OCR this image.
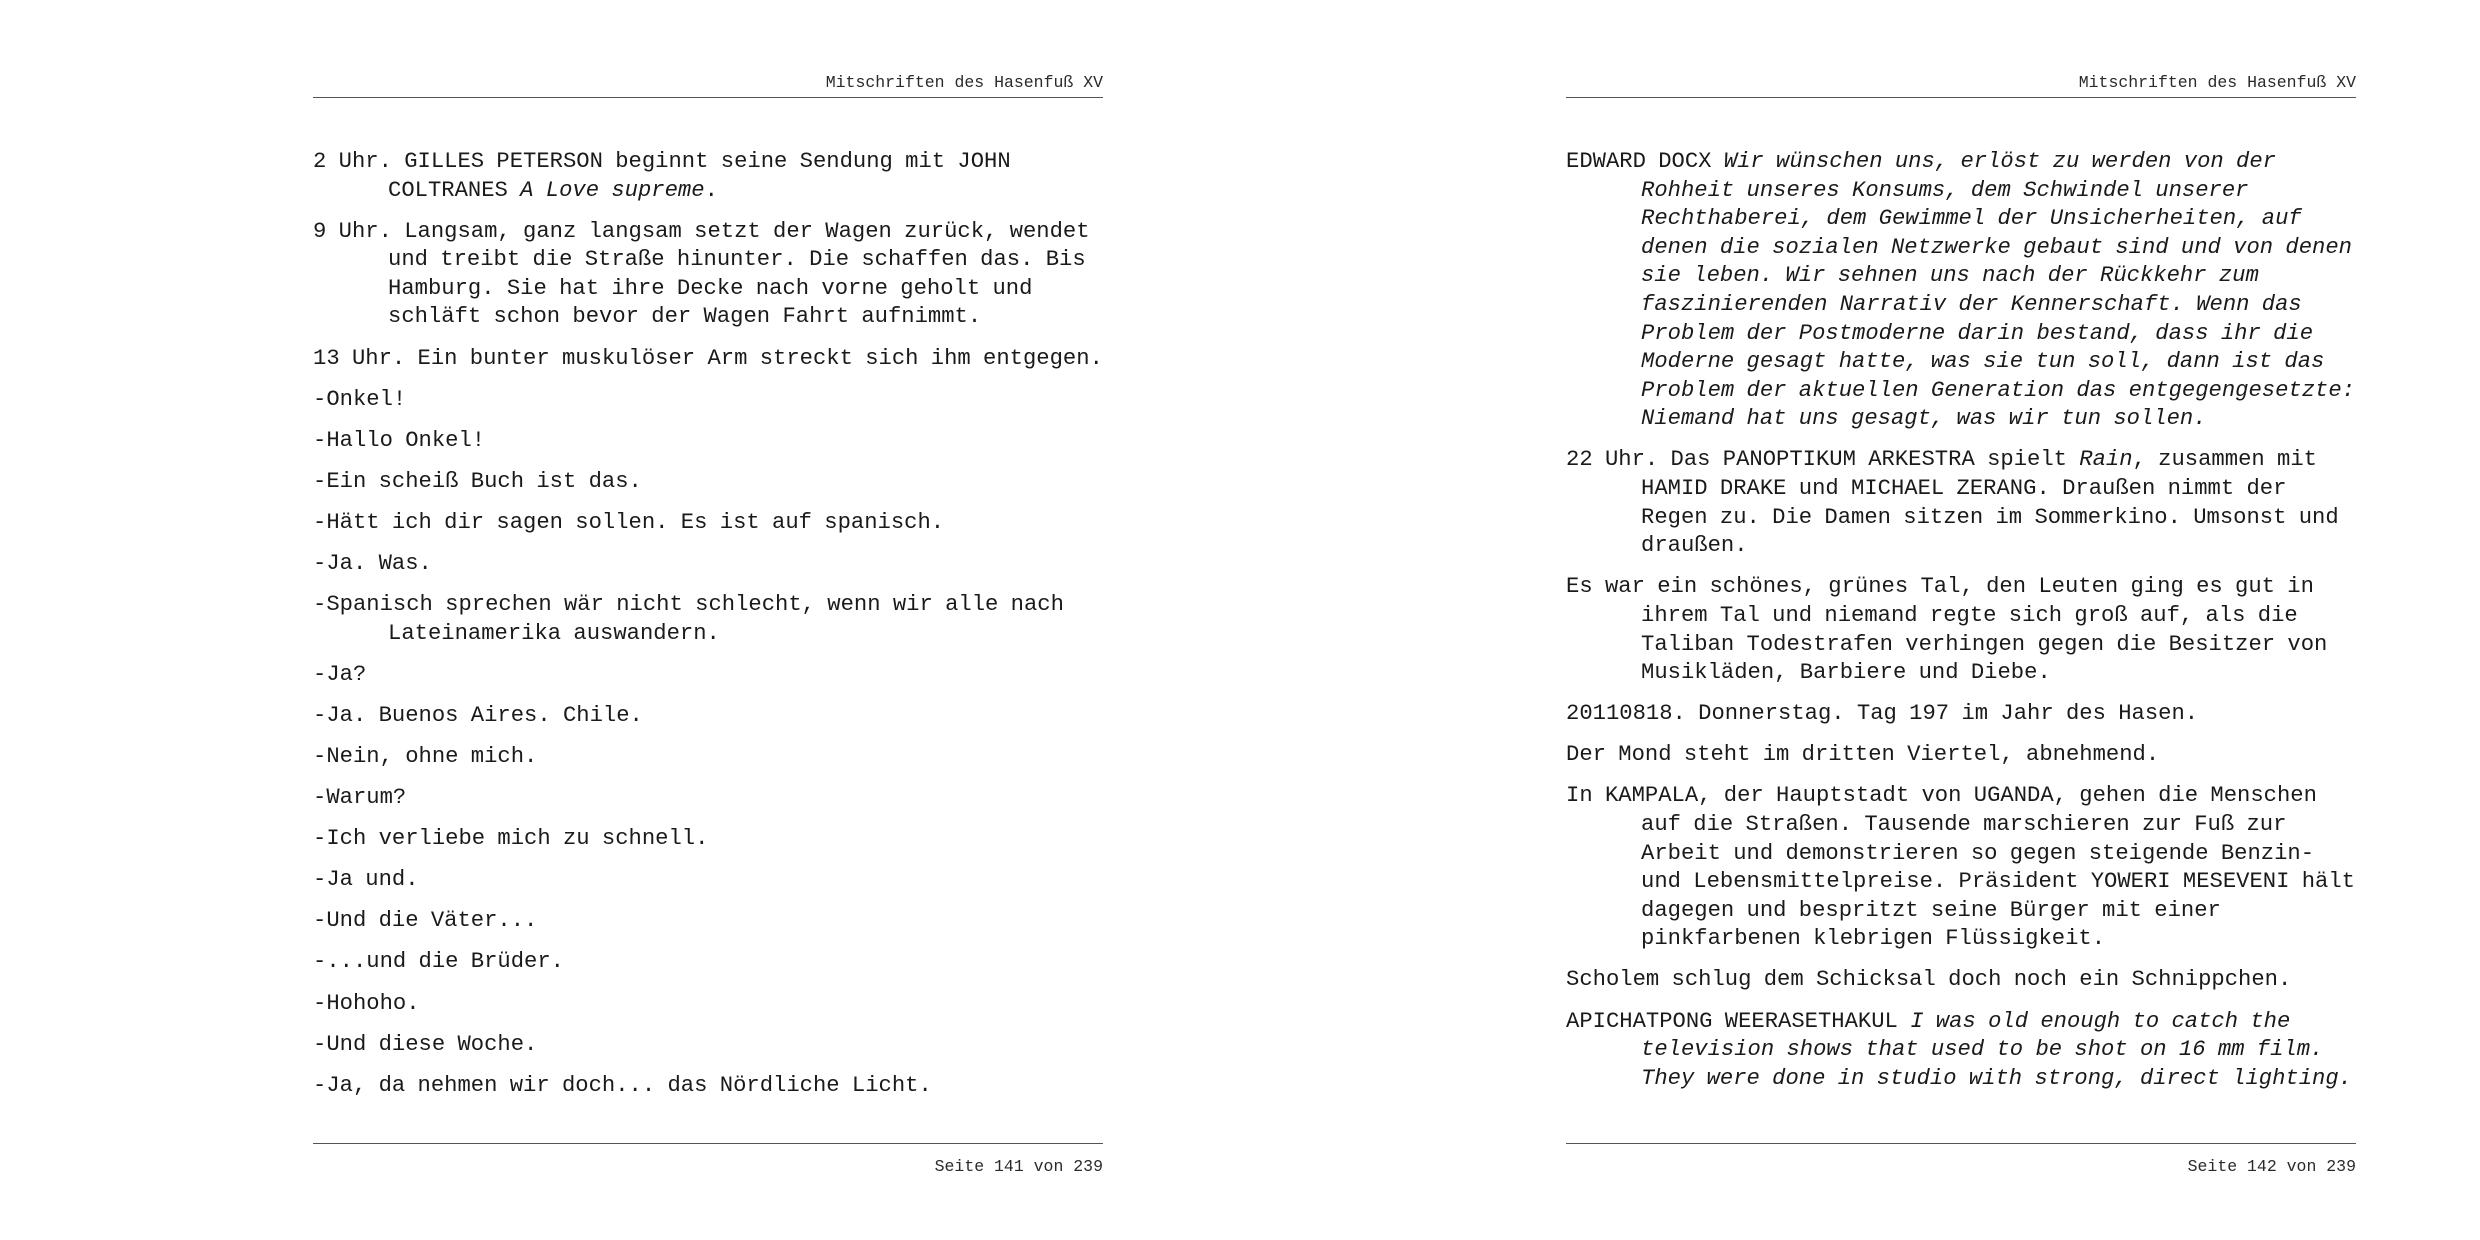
Mitschriften des Hasenfuß XV

2 Uhr. GILLES PETERSON beginnt seine Sendung mit JOHN
COLTRANES A Love supreme.

9 Uhr. Langsam, ganz langsam setzt der Wagen zurück, wendet
und treibt die Straße hinunter. Die schaffen das. Bis
Hamburg. Sie hat ihre Decke nach vorne geholt und
schläft schon bevor der Wagen Fahrt aufnimmt.

13 Uhr. Ein bunter muskulöser Arm streckt sich ihm entgegen.

-Onkel!

-Hallo Onkel!

-Ein scheiß Buch ist das.

-Hätt ich dir sagen sollen. Es ist auf spanisch.

-Ja. Was.

-Spanisch sprechen wär nicht schlecht, wenn wir alle nach
Lateinamerika auswandern.

-Ja?

-Ja. Buenos Aires. Chile.

-Nein, ohne mich.

-Warum?

-Ich verliebe mich zu schnell.

-Ja und.

-Und die Väter...

-...und die Brüder.

-Hohoho.

-Und diese Woche.

-Ja, da nehmen wir doch... das Nördliche Licht.

Seite 141 von 239
Mitschriften des Hasenfuß XV

EDWARD DOCX Wir wünschen uns, erlöst zu werden von der
Rohheit unseres Konsums, dem Schwindel unserer
Rechthaberei, dem Gewimmel der Unsicherheiten, auf
denen die sozialen Netzwerke gebaut sind und von denen
sie leben. Wir sehnen uns nach der Rückkehr zum
faszinierenden Narrativ der Kennerschaft. Wenn das
Problem der Postmoderne darin bestand, dass ihr die
Moderne gesagt hatte, was sie tun soll, dann ist das
Problem der aktuellen Generation das entgegengesetzte:
Niemand hat uns gesagt, was wir tun sollen.

22 Uhr. Das PANOPTIKUM ARKESTRA spielt Rain, zusammen mit
HAMID DRAKE und MICHAEL ZERANG. Draußen nimmt der
Regen zu. Die Damen sitzen im Sommerkino. Umsonst und
draußen.

Es war ein schönes, grünes Tal, den Leuten ging es gut in
ihrem Tal und niemand regte sich groß auf, als die
Taliban Todestrafen verhingen gegen die Besitzer von
Musikläden, Barbiere und Diebe.

20110818. Donnerstag. Tag 197 im Jahr des Hasen.

Der Mond steht im dritten Viertel, abnehmend.

In KAMPALA, der Hauptstadt von UGANDA, gehen die Menschen
auf die Straßen. Tausende marschieren zur Fuß zur
Arbeit und demonstrieren so gegen steigende Benzin-
und Lebensmittelpreise. Präsident YOWERI MESEVENI hält
dagegen und bespritzt seine Bürger mit einer
pinkfarbenen klebrigen Flüssigkeit.

Scholem schlug dem Schicksal doch noch ein Schnippchen.

APICHATPONG WEERASETHAKUL I was old enough to catch the
television shows that used to be shot on 16 mm film.
They were done in studio with strong, direct lighting.

Seite 142 von 239
